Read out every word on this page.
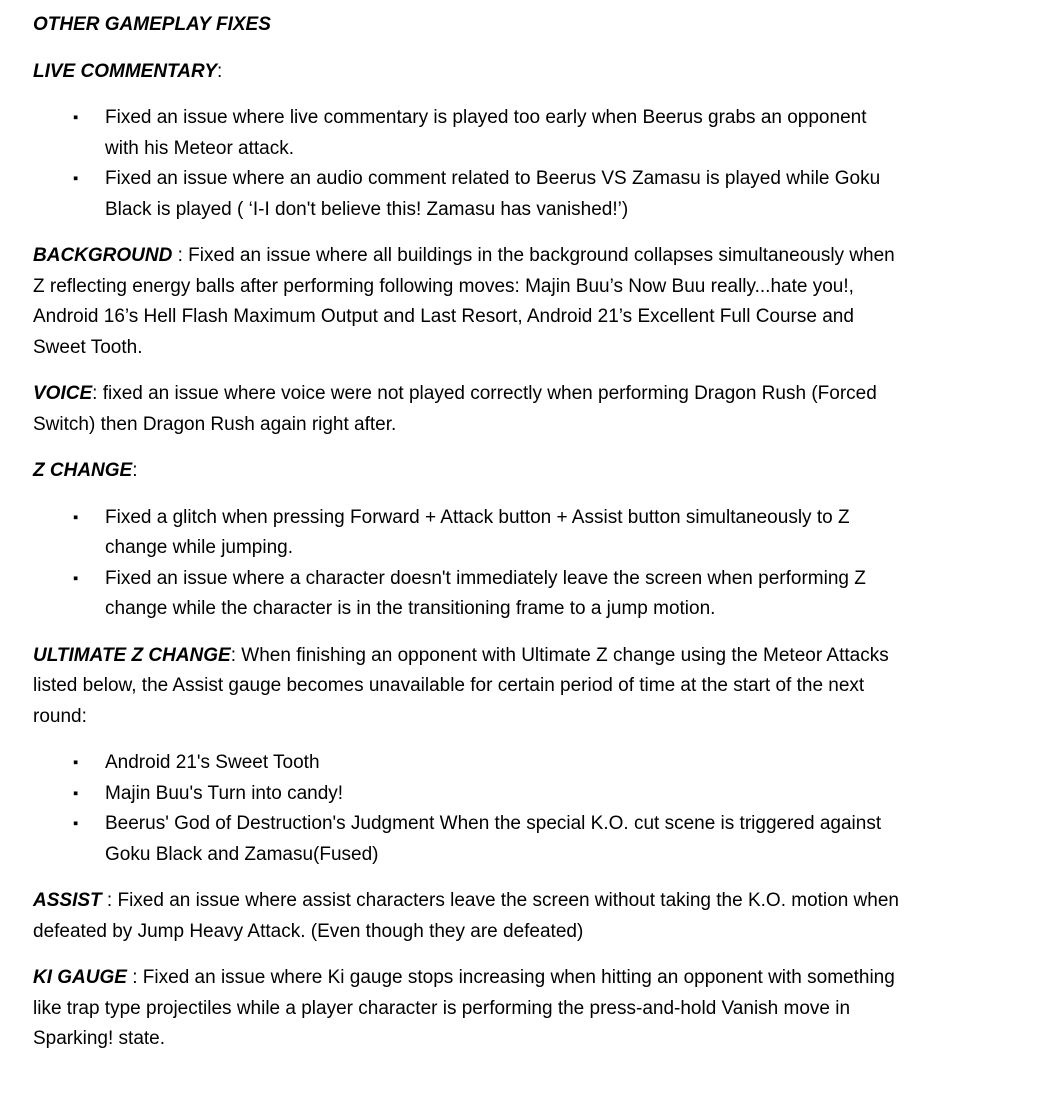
OTHER GAMEPLAY FIXES

LIVE COMMENTARY:

▪ Fixed an issue where live commentary is played too early when Beerus grabs an opponent
with his Meteor attack.
▪ Fixed an issue where an audio comment related to Beerus VS Zamasu is played while Goku
Black is played ( ‘I-I don't believe this! Zamasu has vanished!’)

BACKGROUND : Fixed an issue where all buildings in the background collapses simultaneously when
Z reflecting energy balls after performing following moves: Majin Buu’s Now Buu really...hate you!,
Android 16’s Hell Flash Maximum Output and Last Resort, Android 21’s Excellent Full Course and
Sweet Tooth.

VOICE: fixed an issue where voice were not played correctly when performing Dragon Rush (Forced
Switch) then Dragon Rush again right after.

Z CHANGE:

▪ Fixed a glitch when pressing Forward + Attack button + Assist button simultaneously to Z
change while jumping.
▪ Fixed an issue where a character doesn't immediately leave the screen when performing Z
change while the character is in the transitioning frame to a jump motion.

ULTIMATE Z CHANGE: When finishing an opponent with Ultimate Z change using the Meteor Attacks
listed below, the Assist gauge becomes unavailable for certain period of time at the start of the next
round:

▪ Android 21's Sweet Tooth
▪ Majin Buu's Turn into candy!
▪ Beerus' God of Destruction's Judgment When the special K.O. cut scene is triggered against
Goku Black and Zamasu(Fused)

ASSIST : Fixed an issue where assist characters leave the screen without taking the K.O. motion when
defeated by Jump Heavy Attack. (Even though they are defeated)

KI GAUGE : Fixed an issue where Ki gauge stops increasing when hitting an opponent with something
like trap type projectiles while a player character is performing the press-and-hold Vanish move in
Sparking! state.
